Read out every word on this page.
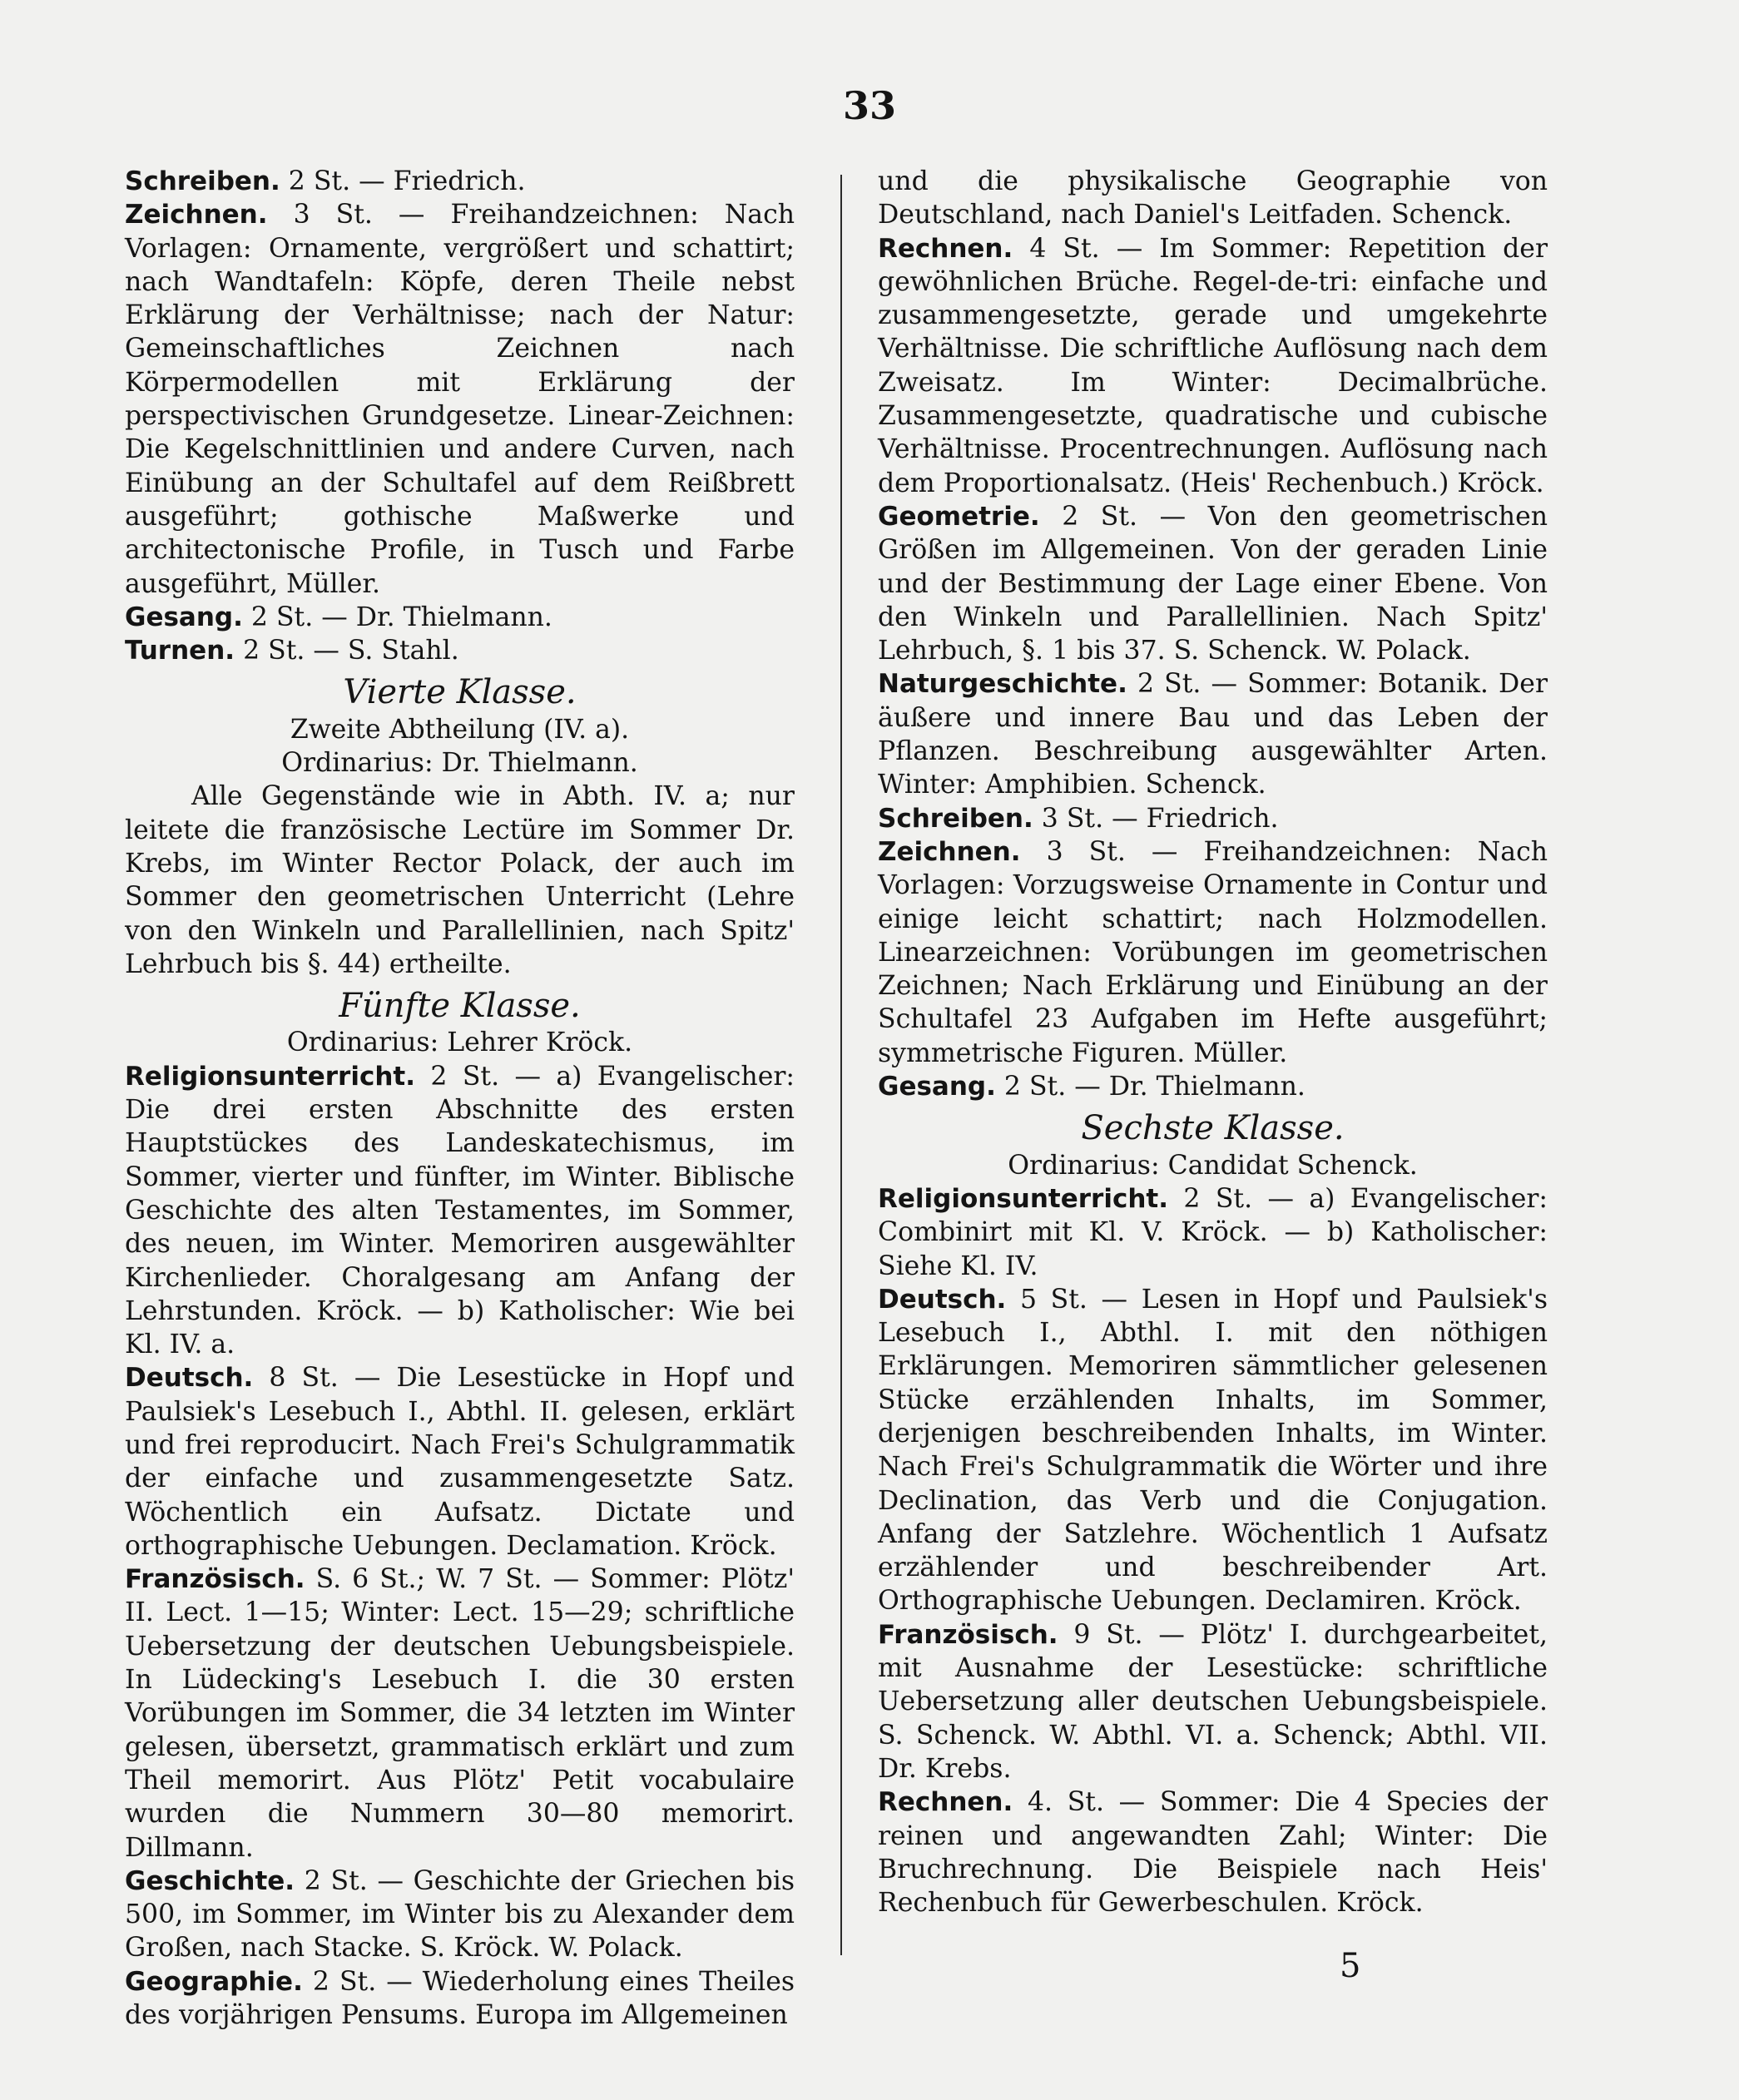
33

Schreiben. 2 St. — Friedrich.

Zeichnen. 3 St. — Freihandzeichnen: Nach Vorlagen: Ornamente, vergrößert und schattirt; nach Wandtafeln: Köpfe, deren Theile nebst Erklärung der Verhältnisse; nach der Natur: Gemeinschaftliches Zeichnen nach Körpermodellen mit Erklärung der perspectivischen Grundgesetze. Linear-Zeichnen: Die Kegelschnittlinien und andere Curven, nach Einübung an der Schultafel auf dem Reißbrett ausgeführt; gothische Maßwerke und architectonische Profile, in Tusch und Farbe ausgeführt, Müller.

Gesang. 2 St. — Dr. Thielmann.

Turnen. 2 St. — S. Stahl.

Vierte Klasse.

Zweite Abtheilung (IV. a).

Ordinarius: Dr. Thielmann.

Alle Gegenstände wie in Abth. IV. a; nur leitete die französische Lectüre im Sommer Dr. Krebs, im Winter Rector Polack, der auch im Sommer den geometrischen Unterricht (Lehre von den Winkeln und Parallellinien, nach Spitz' Lehrbuch bis §. 44) ertheilte.

Fünfte Klasse.

Ordinarius: Lehrer Kröck.

Religionsunterricht. 2 St. — a) Evangelischer: Die drei ersten Abschnitte des ersten Hauptstückes des Landeskatechismus, im Sommer, vierter und fünfter, im Winter. Biblische Geschichte des alten Testamentes, im Sommer, des neuen, im Winter. Memoriren ausgewählter Kirchenlieder. Choralgesang am Anfang der Lehrstunden. Kröck. — b) Katholischer: Wie bei Kl. IV. a.

Deutsch. 8 St. — Die Lesestücke in Hopf und Paulsiek's Lesebuch I., Abthl. II. gelesen, erklärt und frei reproducirt. Nach Frei's Schulgrammatik der einfache und zusammengesetzte Satz. Wöchentlich ein Aufsatz. Dictate und orthographische Uebungen. Declamation. Kröck.

Französisch. S. 6 St.; W. 7 St. — Sommer: Plötz' II. Lect. 1—15; Winter: Lect. 15—29; schriftliche Uebersetzung der deutschen Uebungsbeispiele. In Lüdecking's Lesebuch I. die 30 ersten Vorübungen im Sommer, die 34 letzten im Winter gelesen, übersetzt, grammatisch erklärt und zum Theil memorirt. Aus Plötz' Petit vocabulaire wurden die Nummern 30—80 memorirt. Dillmann.

Geschichte. 2 St. — Geschichte der Griechen bis 500, im Sommer, im Winter bis zu Alexander dem Großen, nach Stacke. S. Kröck. W. Polack.

Geographie. 2 St. — Wiederholung eines Theiles des vorjährigen Pensums. Europa im Allgemeinen

und die physikalische Geographie von Deutschland, nach Daniel's Leitfaden. Schenck.

Rechnen. 4 St. — Im Sommer: Repetition der gewöhnlichen Brüche. Regel-de-tri: einfache und zusammengesetzte, gerade und umgekehrte Verhältnisse. Die schriftliche Auflösung nach dem Zweisatz. Im Winter: Decimalbrüche. Zusammengesetzte, quadratische und cubische Verhältnisse. Procentrechnungen. Auflösung nach dem Proportionalsatz. (Heis' Rechenbuch.) Kröck.

Geometrie. 2 St. — Von den geometrischen Größen im Allgemeinen. Von der geraden Linie und der Bestimmung der Lage einer Ebene. Von den Winkeln und Parallellinien. Nach Spitz' Lehrbuch, §. 1 bis 37. S. Schenck. W. Polack.

Naturgeschichte. 2 St. — Sommer: Botanik. Der äußere und innere Bau und das Leben der Pflanzen. Beschreibung ausgewählter Arten. Winter: Amphibien. Schenck.

Schreiben. 3 St. — Friedrich.

Zeichnen. 3 St. — Freihandzeichnen: Nach Vorlagen: Vorzugsweise Ornamente in Contur und einige leicht schattirt; nach Holzmodellen. Linearzeichnen: Vorübungen im geometrischen Zeichnen; Nach Erklärung und Einübung an der Schultafel 23 Aufgaben im Hefte ausgeführt; symmetrische Figuren. Müller.

Gesang. 2 St. — Dr. Thielmann.

Sechste Klasse.

Ordinarius: Candidat Schenck.

Religionsunterricht. 2 St. — a) Evangelischer: Combinirt mit Kl. V. Kröck. — b) Katholischer: Siehe Kl. IV.

Deutsch. 5 St. — Lesen in Hopf und Paulsiek's Lesebuch I., Abthl. I. mit den nöthigen Erklärungen. Memoriren sämmtlicher gelesenen Stücke erzählenden Inhalts, im Sommer, derjenigen beschreibenden Inhalts, im Winter. Nach Frei's Schulgrammatik die Wörter und ihre Declination, das Verb und die Conjugation. Anfang der Satzlehre. Wöchentlich 1 Aufsatz erzählender und beschreibender Art. Orthographische Uebungen. Declamiren. Kröck.

Französisch. 9 St. — Plötz' I. durchgearbeitet, mit Ausnahme der Lesestücke: schriftliche Uebersetzung aller deutschen Uebungsbeispiele. S. Schenck. W. Abthl. VI. a. Schenck; Abthl. VII. Dr. Krebs.

Rechnen. 4. St. — Sommer: Die 4 Species der reinen und angewandten Zahl; Winter: Die Bruchrechnung. Die Beispiele nach Heis' Rechenbuch für Gewerbeschulen. Kröck.

5
